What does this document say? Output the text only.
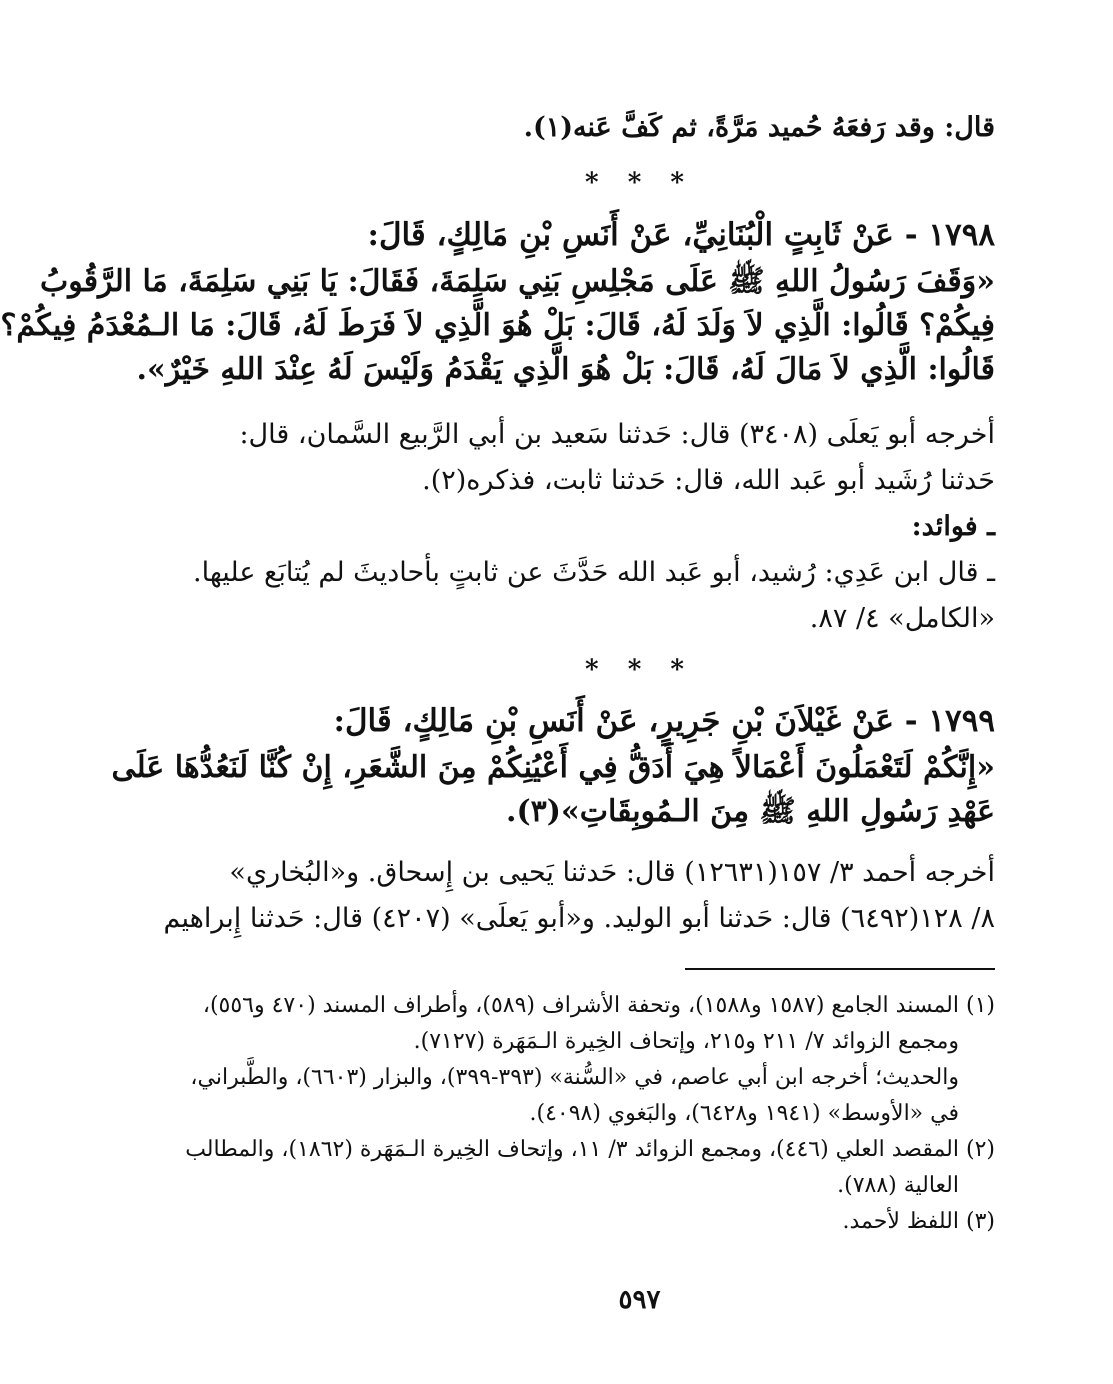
قال: وقد رَفعَهُ حُميد مَرَّةً، ثم كَفَّ عَنه(١).
* * *
١٧٩٨ - عَنْ ثَابِتٍ الْبُنَانِيِّ، عَنْ أَنَسِ بْنِ مَالِكٍ، قَالَ:
«وَقَفَ رَسُولُ اللهِ ﷺ عَلَى مَجْلِسِ بَنِي سَلِمَةَ، فَقَالَ: يَا بَنِي سَلِمَةَ، مَا الرَّقُوبُ
فِيكُمْ؟ قَالُوا: الَّذِي لاَ وَلَدَ لَهُ، قَالَ: بَلْ هُوَ الَّذِي لاَ فَرَطَ لَهُ، قَالَ: مَا الـمُعْدَمُ فِيكُمْ؟
قَالُوا: الَّذِي لاَ مَالَ لَهُ، قَالَ: بَلْ هُوَ الَّذِي يَقْدَمُ وَلَيْسَ لَهُ عِنْدَ اللهِ خَيْرٌ».
أخرجه أبو يَعلَى (٣٤٠٨) قال: حَدثنا سَعيد بن أبي الرَّبيع السَّمان، قال:
حَدثنا رُشَيد أبو عَبد الله، قال: حَدثنا ثابت، فذكره(٢).
ـ فوائد:
ـ قال ابن عَدِي: رُشيد، أبو عَبد الله حَدَّثَ عن ثابتٍ بأحاديثَ لم يُتابَع عليها.
«الكامل» ٤/ ٨٧.
* * *
١٧٩٩ - عَنْ غَيْلاَنَ بْنِ جَرِيرٍ، عَنْ أَنَسِ بْنِ مَالِكٍ، قَالَ:
«إِنَّكُمْ لَتَعْمَلُونَ أَعْمَالاً هِيَ أَدَقُّ فِي أَعْيُنِكُمْ مِنَ الشَّعَرِ، إِنْ كُنَّا لَنَعُدُّهَا عَلَى
عَهْدِ رَسُولِ اللهِ ﷺ مِنَ الـمُوبِقَاتِ»(٣).
أخرجه أحمد ٣/ ١٥٧(١٢٦٣١) قال: حَدثنا يَحيى بن إِسحاق. و«البُخاري»
٨/ ١٢٨(٦٤٩٢) قال: حَدثنا أبو الوليد. و«أبو يَعلَى» (٤٢٠٧) قال: حَدثنا إِبراهيم
(١) المسند الجامع (١٥٨٧ و١٥٨٨)، وتحفة الأشراف (٥٨٩)، وأطراف المسند (٤٧٠ و٥٥٦)،
ومجمع الزوائد ٧/ ٢١١ و٢١٥، وإتحاف الخِيرة الـمَهَرة (٧١٢٧).
والحديث؛ أخرجه ابن أبي عاصم، في «السُّنة» (٣٩٣-٣٩٩)، والبزار (٦٦٠٣)، والطَّبراني،
في «الأوسط» (١٩٤١ و٦٤٢٨)، والبَغوي (٤٠٩٨).
(٢) المقصد العلي (٤٤٦)، ومجمع الزوائد ٣/ ١١، وإتحاف الخِيرة الـمَهَرة (١٨٦٢)، والمطالب
العالية (٧٨٨).
(٣) اللفظ لأحمد.
٥٩٧
